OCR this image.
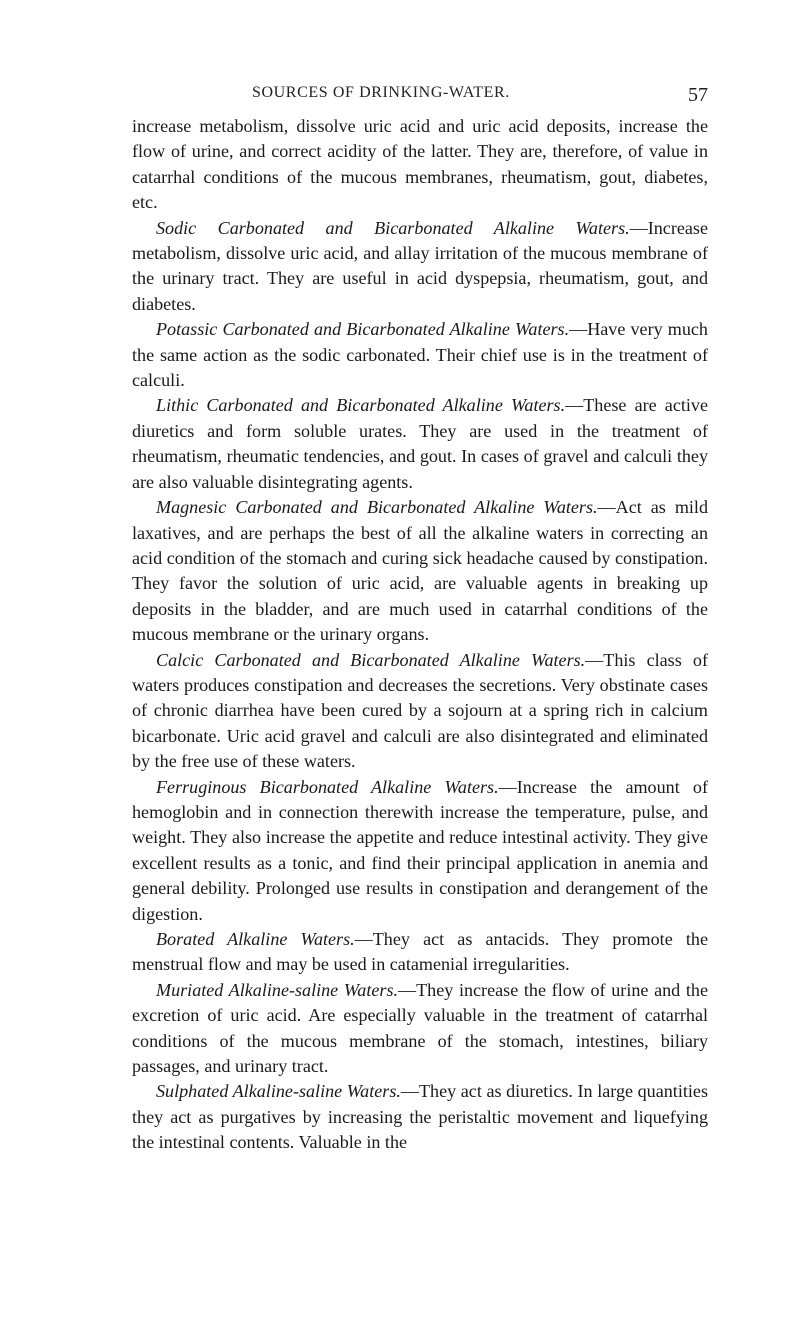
SOURCES OF DRINKING-WATER.	57

increase metabolism, dissolve uric acid and uric acid deposits, increase the flow of urine, and correct acidity of the latter. They are, therefore, of value in catarrhal conditions of the mucous membranes, rheumatism, gout, diabetes, etc.

Sodic Carbonated and Bicarbonated Alkaline Waters.—Increase metabolism, dissolve uric acid, and allay irritation of the mucous membrane of the urinary tract. They are useful in acid dyspepsia, rheumatism, gout, and diabetes.

Potassic Carbonated and Bicarbonated Alkaline Waters.—Have very much the same action as the sodic carbonated. Their chief use is in the treatment of calculi.

Lithic Carbonated and Bicarbonated Alkaline Waters.—These are active diuretics and form soluble urates. They are used in the treatment of rheumatism, rheumatic tendencies, and gout. In cases of gravel and calculi they are also valuable disintegrating agents.

Magnesic Carbonated and Bicarbonated Alkaline Waters.—Act as mild laxatives, and are perhaps the best of all the alkaline waters in correcting an acid condition of the stomach and curing sick headache caused by constipation. They favor the solution of uric acid, are valuable agents in breaking up deposits in the bladder, and are much used in catarrhal conditions of the mucous membrane or the urinary organs.

Calcic Carbonated and Bicarbonated Alkaline Waters.—This class of waters produces constipation and decreases the secretions. Very obstinate cases of chronic diarrhea have been cured by a sojourn at a spring rich in calcium bicarbonate. Uric acid gravel and calculi are also disintegrated and eliminated by the free use of these waters.

Ferruginous Bicarbonated Alkaline Waters.—Increase the amount of hemoglobin and in connection therewith increase the temperature, pulse, and weight. They also increase the appetite and reduce intestinal activity. They give excellent results as a tonic, and find their principal application in anemia and general debility. Prolonged use results in constipation and derangement of the digestion.

Borated Alkaline Waters.—They act as antacids. They promote the menstrual flow and may be used in catamenial irregularities.

Muriated Alkaline-saline Waters.—They increase the flow of urine and the excretion of uric acid. Are especially valuable in the treatment of catarrhal conditions of the mucous membrane of the stomach, intestines, biliary passages, and urinary tract.

Sulphated Alkaline-saline Waters.—They act as diuretics. In large quantities they act as purgatives by increasing the peristaltic movement and liquefying the intestinal contents. Valuable in the
